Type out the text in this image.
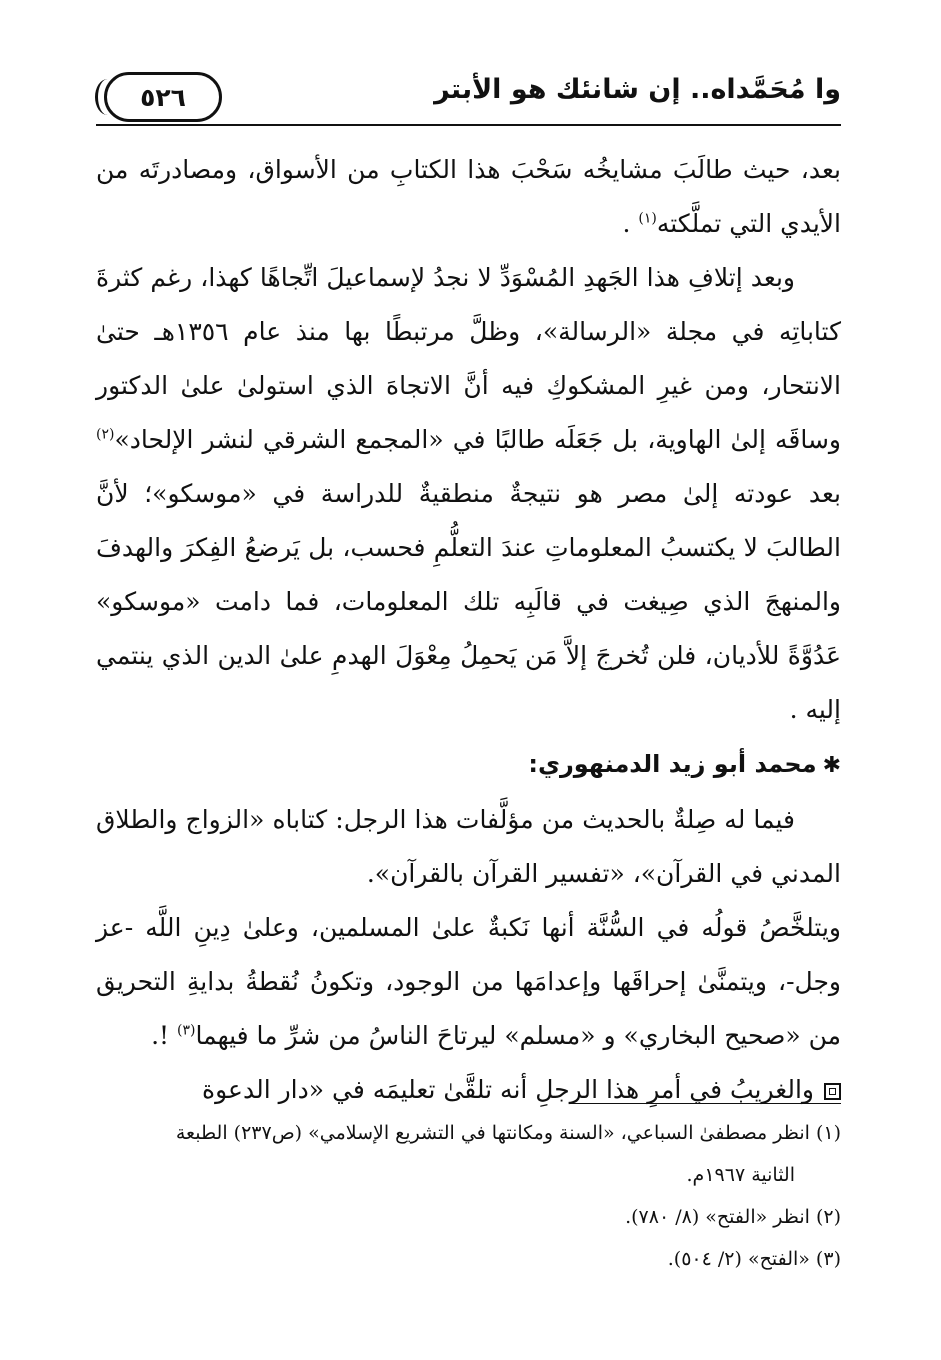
٥٢٦	وا مُحَمَّداه.. إن شانئك هو الأبتر

بعد، حيث طالَبَ مشايخُه سَحْبَ هذا الكتابِ من الأسواق، ومصادرتَه من الأيدي التي تملَّكته$^{(١)}$ .

وبعد إتلافِ هذا الجَهدِ المُسْوَدِّ لا نجدُ لإسماعيلَ اتِّجاهًا كهذا، رغم كثرةَ كتاباتِه في مجلة «الرسالة»، وظلَّ مرتبطًا بها منذ عام ١٣٥٦هـ حتىٰ الانتحار، ومن غيرِ المشكوكِ فيه أنَّ الاتجاهَ الذي استولىٰ علىٰ الدكتور وساقَه إلىٰ الهاوية، بل جَعَلَه طالبًا في «المجمع الشرقي لنشر الإلحاد»$^{(٢)}$ بعد عودته إلىٰ مصر هو نتيجةٌ منطقيةٌ للدراسة في «موسكو»؛ لأنَّ الطالبَ لا يكتسبُ المعلوماتِ عندَ التعلُّمِ فحسب، بل يَرضعُ الفِكرَ والهدفَ والمنهجَ الذي صِيغت في قالَبِه تلك المعلومات، فما دامت «موسكو» عَدُوَّةً للأديان، فلن تُخرجَ إلاَّ مَن يَحمِلُ مِعْوَلَ الهدمِ علىٰ الدين الذي ينتمي إليه .

✱محمد أبو زيد الدمنهوري:

فيما له صِلةٌ بالحديث من مؤلَّفات هذا الرجل: كتاباه «الزواج والطلاق المدني في القرآن»، «تفسير القرآن بالقرآن».

ويتلخَّصُ قولُه في السُّنَّة أنها نَكبةٌ علىٰ المسلمين، وعلىٰ دِينِ اللَّه -عز وجل-، ويتمنَّىٰ إحراقَها وإعدامَها من الوجود، وتكونُ نُقطةُ بدايةِ التحريق من «صحيح البخاري» و «مسلم» ليرتاحَ الناسُ من شرِّ ما فيهما$^{(٣)}$ !.

والغريبُ في أمرِ هذا الرجلِ أنه تلقَّىٰ تعليمَه في «دار الدعوة

(١) انظر مصطفىٰ السباعي، «السنة ومكانتها في التشريع الإسلامي» (ص٢٣٧) الطبعة

الثانية ١٩٦٧م.

(٢) انظر «الفتح» (٨/ ٧٨٠).

(٣) «الفتح» (٢/ ٥٠٤).
